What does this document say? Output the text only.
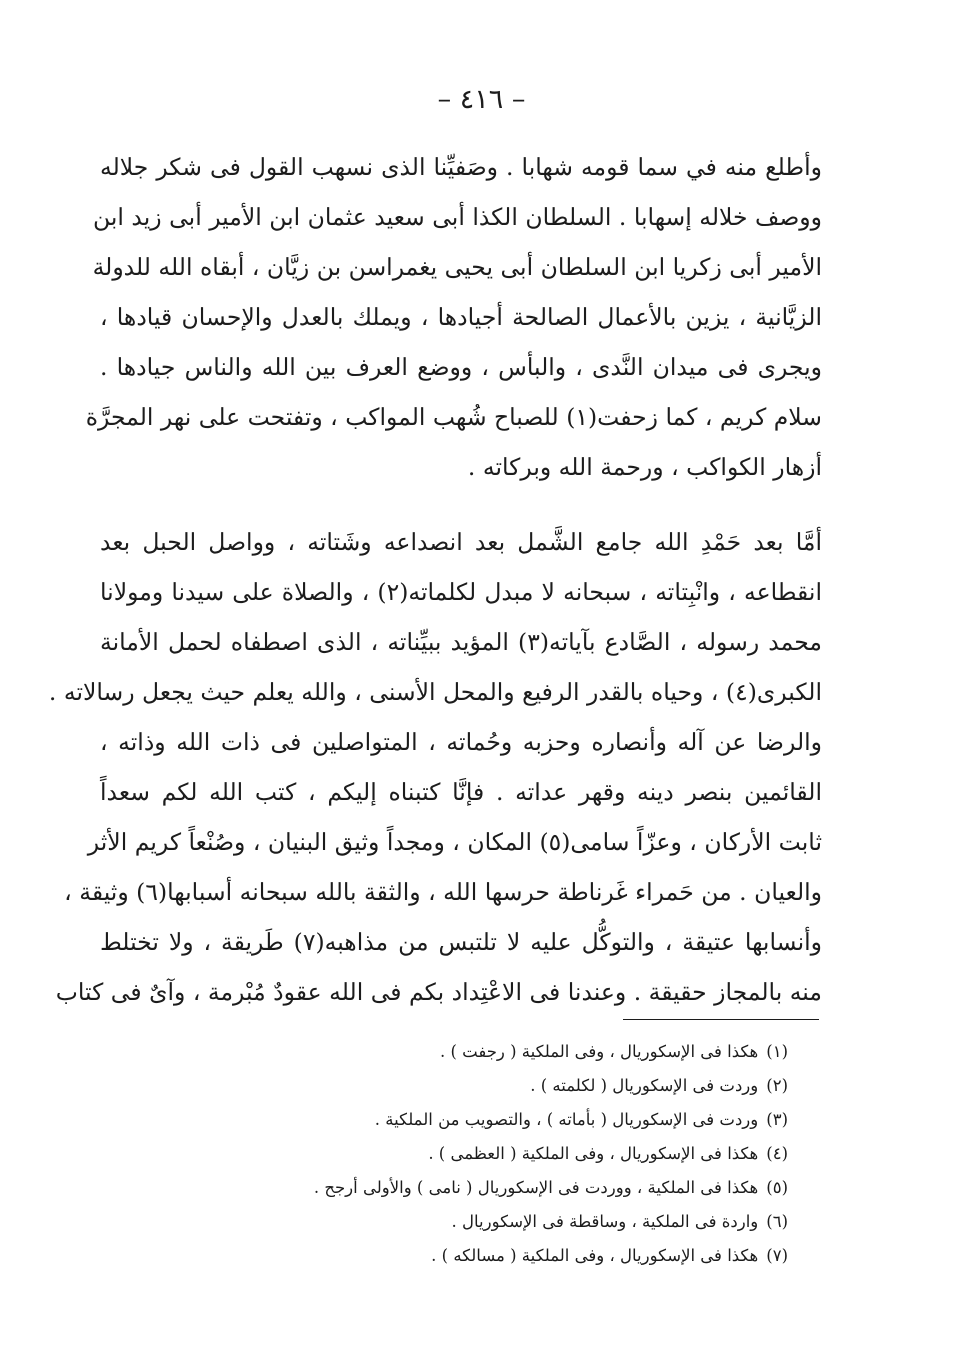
– ٤١٦ –
وأطلع منه في سما قومه شهابا . وصَفيِّنا الذى نسهب القول فى شكر جلاله
ووصف خلاله إسهابا . السلطان الكذا أبى سعيد عثمان ابن الأمير أبى زيد ابن
الأمير أبى زكريا ابن السلطان أبى يحيى يغمراسن بن زيَّان ، أبقاه الله للدولة
الزيَّانية ، يزين بالأعمال الصالحة أجيادها ، ويملك بالعدل والإحسان قيادها ،
ويجرى فى ميدان النَّدى ، والبأس ، ووضع العرف بين الله والناس جيادها .
سلام كريم ، كما زحفت(١) للصباح شُهب المواكب ، وتفتحت على نهر المجرَّة
أزهار الكواكب ، ورحمة الله وبركاته .
أمَّا بعد حَمْدِ الله جامع الشَّمل بعد انصداعه وشَتاته ، وواصل الحبل بعد
انقطاعه ، وانْبِتاته ، سبحانه لا مبدل لكلماته(٢) ، والصلاة على سيدنا ومولانا
محمد رسوله ، الصَّادع بآياته(٣) المؤيد ببيِّناته ، الذى اصطفاه لحمل الأمانة
الكبرى(٤) ، وحياه بالقدر الرفيع والمحل الأسنى ، والله يعلم حيث يجعل رسالاته .
والرضا عن آله وأنصاره وحزبه وحُماته ، المتواصلين فى ذات الله وذاته ،
القائمين بنصر دينه وقهر عداته . فإنَّا كتبناه إليكم ، كتب الله لكم سعداً
ثابت الأركان ، وعزّاً سامى(٥) المكان ، ومجداً وثيق البنيان ، وصُنْعاً كريم الأثر
والعيان . من حَمراء غَرناطة حرسها الله ، والثقة بالله سبحانه أسبابها(٦) وثيقة ،
وأنسابها عتيقة ، والتوكُّل عليه لا تلتبس من مذاهبه(٧) طَريقة ، ولا تختلط
منه بالمجاز حقيقة . وعندنا فى الاعْتِداد بكم فى الله عقودٌ مُبْرمة ، وآىٌ فى كتاب
(١)هكذا فى الإسكوريال ، وفى الملكية ( رجفت ) .
(٢)وردت فى الإسكوريال ( لكلمته ) .
(٣)وردت فى الإسكوريال ( بأماته ) ، والتصويب من الملكية .
(٤)هكذا فى الإسكوريال ، وفى الملكية ( العظمى ) .
(٥)هكذا فى الملكية ، ووردت فى الإسكوريال ( نامى ) والأولى أرجح .
(٦)واردة فى الملكية ، وساقطة فى الإسكوريال .
(٧)هكذا فى الإسكوريال ، وفى الملكية ( مسالكه ) .
